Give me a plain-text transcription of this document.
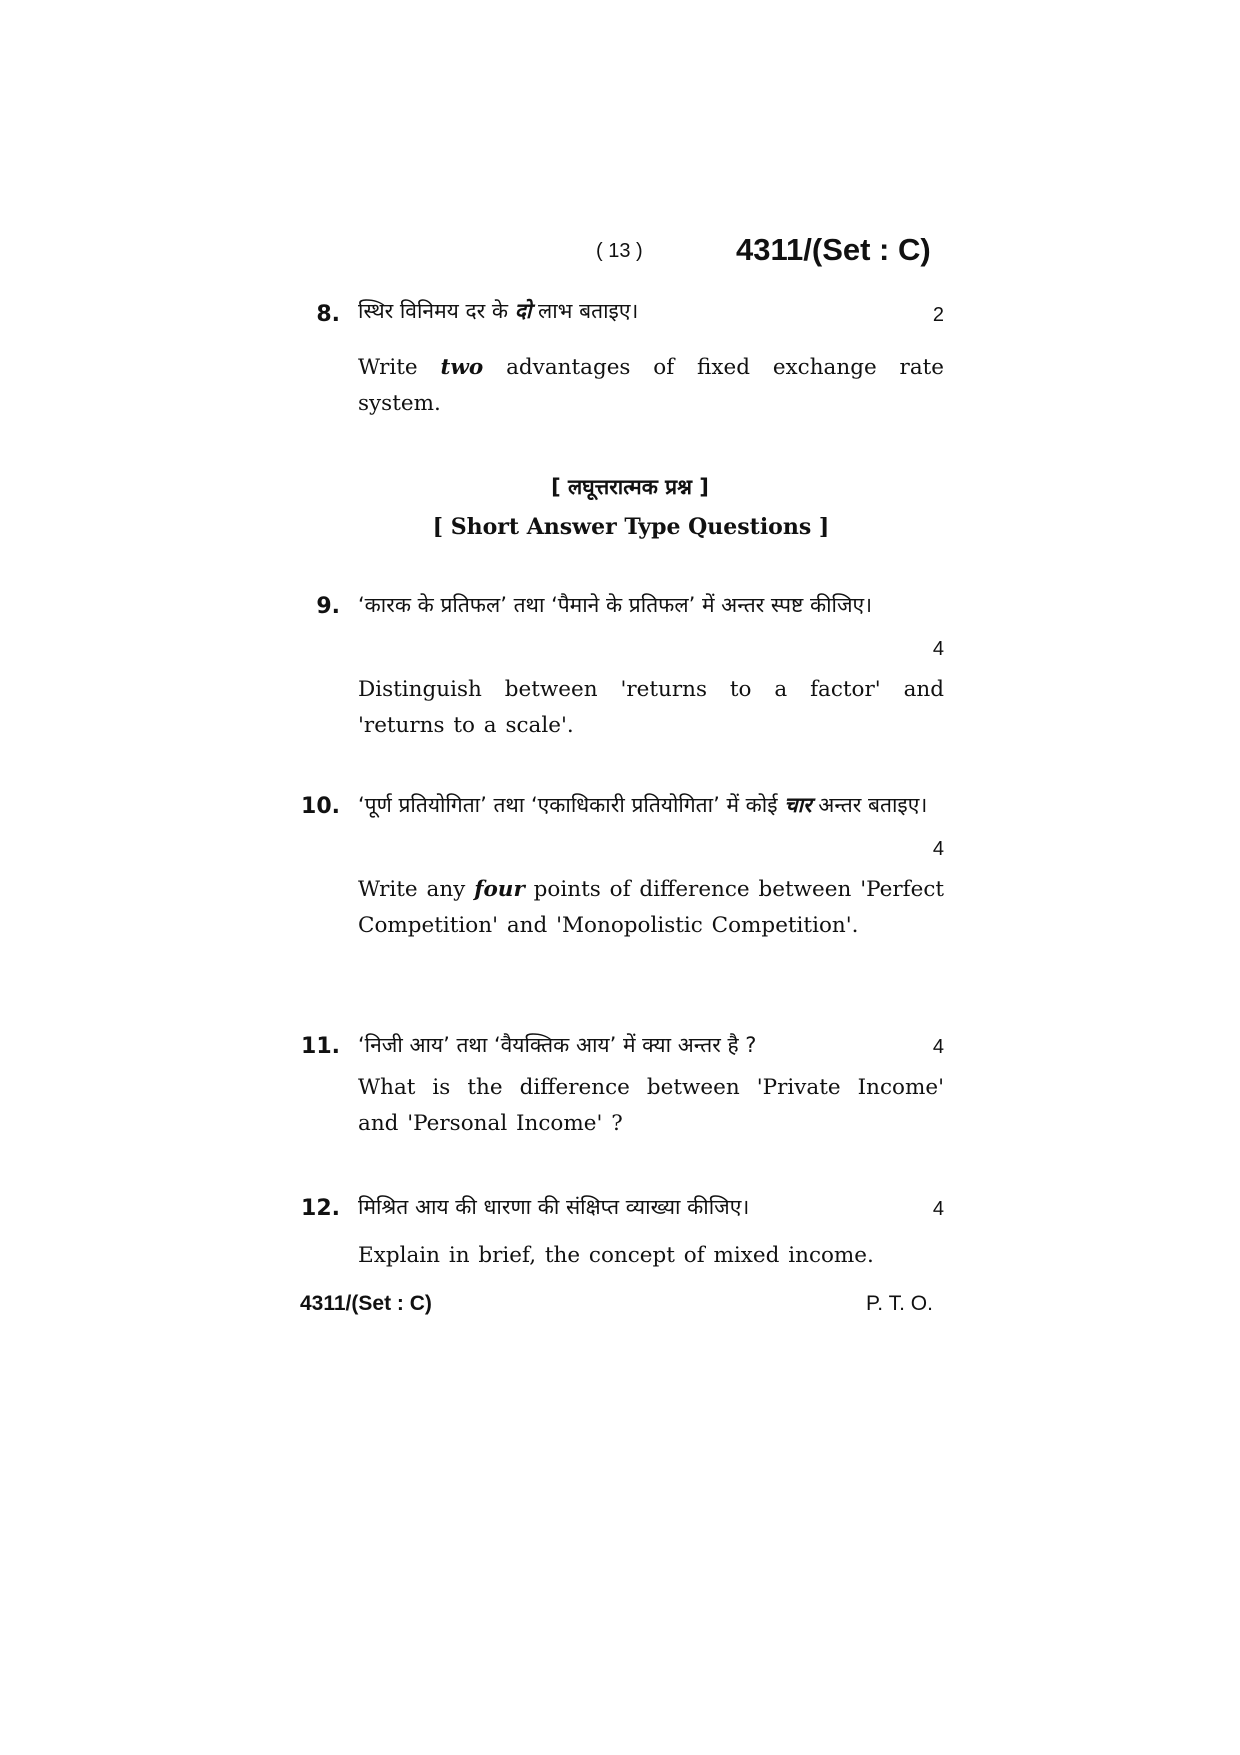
( 13 )	4311/(Set : C)
8. स्थिर विनिमय दर के दो लाभ बताइए।	2
Write two advantages of fixed exchange rate system.
[ लघूत्तरात्मक प्रश्न ]
[ Short Answer Type Questions ]
9. ‘कारक के प्रतिफल’ तथा ‘पैमाने के प्रतिफल’ में अन्तर स्पष्ट कीजिए।
4
Distinguish between 'returns to a factor' and 'returns to a scale'.
10. ‘पूर्ण प्रतियोगिता’ तथा ‘एकाधिकारी प्रतियोगिता’ में कोई चार अन्तर बताइए।
4
Write any four points of difference between 'Perfect Competition' and 'Monopolistic Competition'.
11. ‘निजी आय’ तथा ‘वैयक्तिक आय’ में क्या अन्तर है ?	4
What is the difference between 'Private Income' and 'Personal Income' ?
12. मिश्रित आय की धारणा की संक्षिप्त व्याख्या कीजिए।	4
Explain in brief, the concept of mixed income.
4311/(Set : C)	P. T. O.
